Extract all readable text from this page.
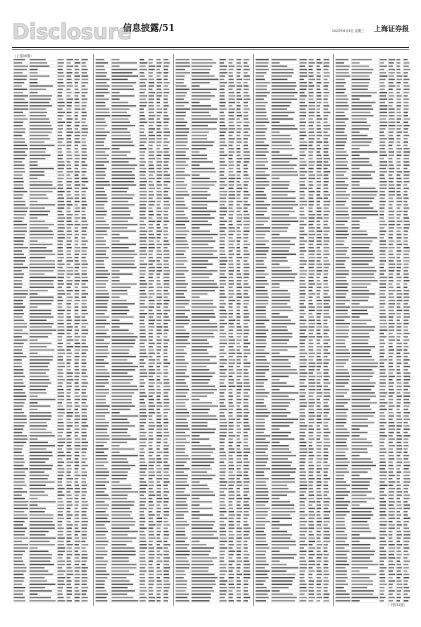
Disclosure
信息披露/51	2022年6月6日 星期三 上海证券报
（上接50版）
（下转52版）
